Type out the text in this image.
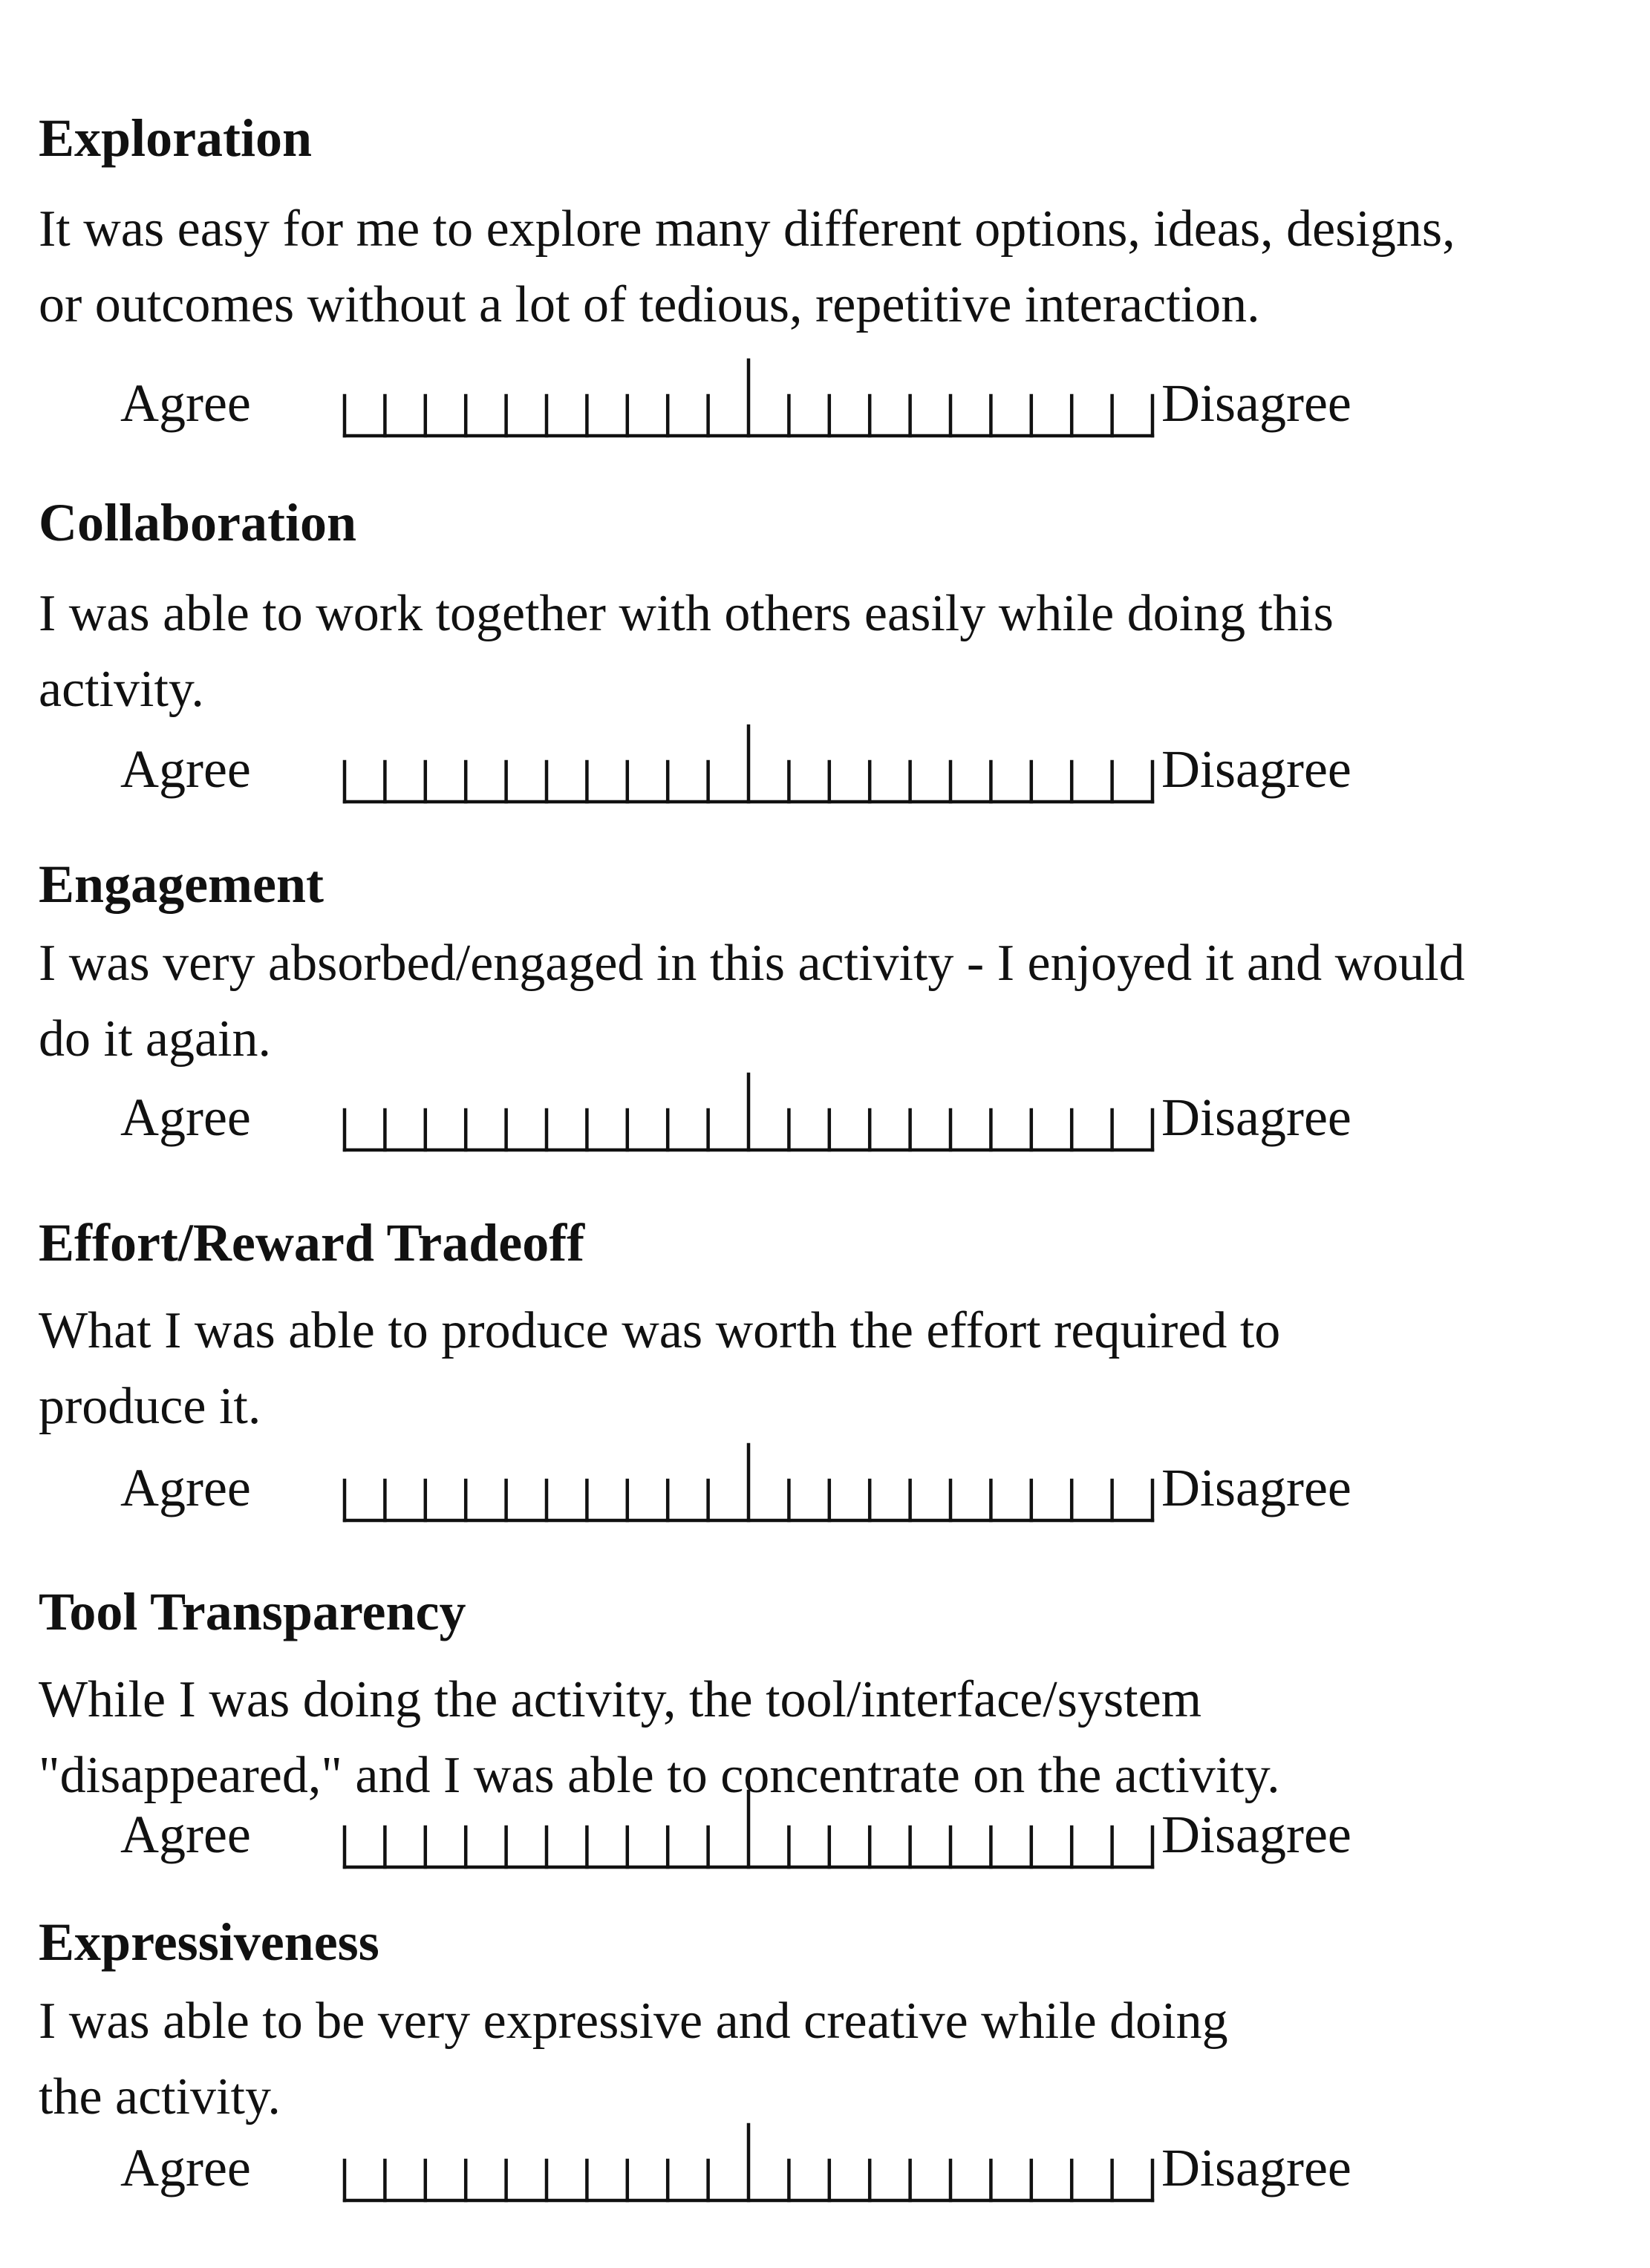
Exploration
It was easy for me to explore many different options, ideas, designs,
or outcomes without a lot of tedious, repetitive interaction.
Agree	Disagree
Collaboration
I was able to work together with others easily while doing this
activity.
Agree	Disagree
Engagement
I was very absorbed/engaged in this activity - I enjoyed it and would
do it again.
Agree	Disagree
Effort/Reward Tradeoff
What I was able to produce was worth the effort required to
produce it.
Agree	Disagree
Tool Transparency
While I was doing the activity, the tool/interface/system
"disappeared," and I was able to concentrate on the activity.
Agree	Disagree
Expressiveness
I was able to be very expressive and creative while doing
the activity.
Agree	Disagree
